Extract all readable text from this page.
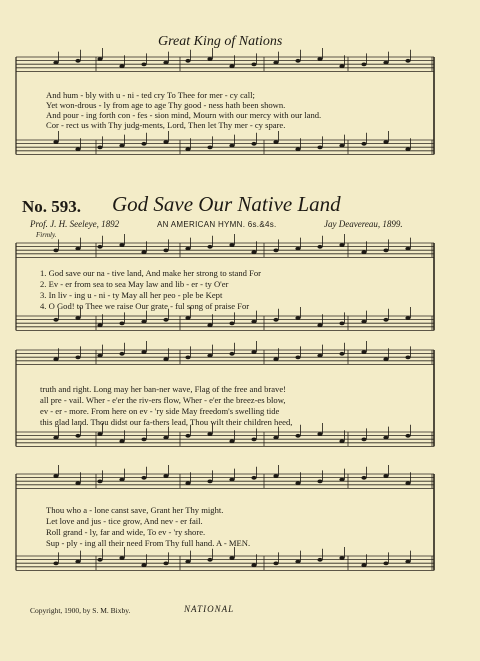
Great King of Nations
And hum - bly with u - ni - ted cry To Thee for mer - cy call;
Yet won-drous - ly from age to age Thy good - ness hath been shown.
And pour - ing forth con - fes - sion mind, Mourn with our mercy with our land.
Cor - rect us with Thy judg-ments, Lord, Then let Thy mer - cy spare.
No. 593. God Save Our Native Land
Prof. J. H. Seeleye, 1892	AN AMERICAN HYMN. 6s.&4s.	Jay Deavereau, 1899.
Firmly.
1. God save our na - tive land, And make her strong to stand For
2. Ev - er from sea to sea May law and lib - er - ty O'er
3. In liv - ing u - ni - ty May all her peo - ple be Kept
4. O God! to Thee we raise Our grate - ful song of praise For
truth and right. Long may her ban-ner wave, Flag of the free and brave!
all pre - vail. Wher - e'er the riv-ers flow, Wher - e'er the breez-es blow,
ev - er - more. From here on ev - 'ry side May freedom's swelling tide
this glad land. Thou didst our fa-thers lead, Thou wilt their children heed,
Thou who a - lone canst save, Grant her Thy might.
Let love and jus - tice grow, And nev - er fail.
Roll grand - ly, far and wide, To ev - 'ry shore.
Sup - ply - ing all their need From Thy full hand. A - MEN.
Copyright, 1900, by S. M. Bixby.	NATIONAL
